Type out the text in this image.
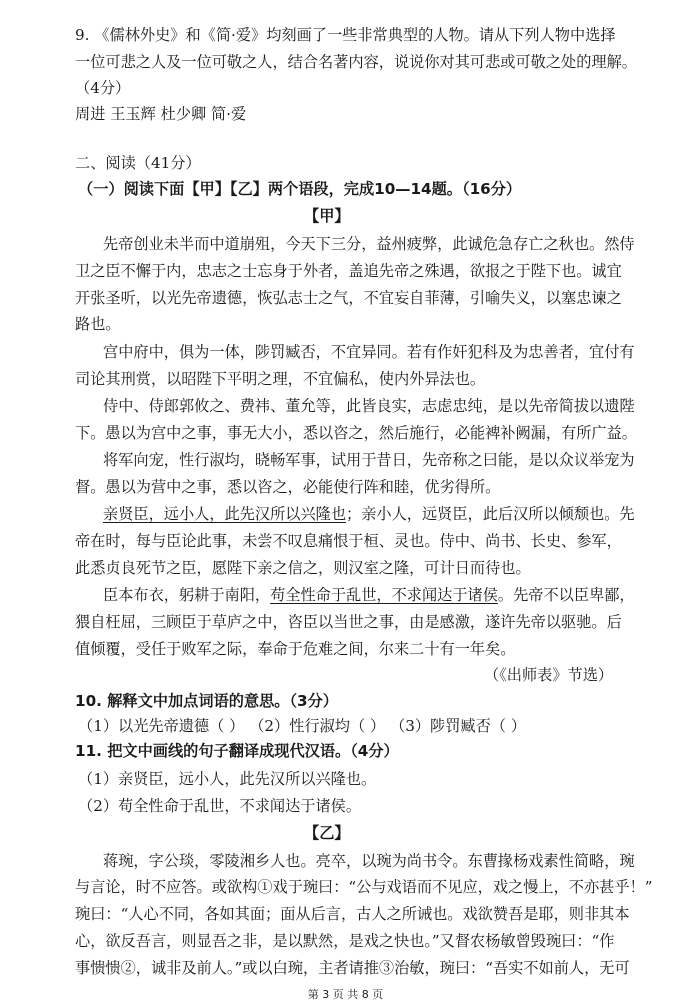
9. 《儒林外史》和《简·爱》均刻画了一些非常典型的人物。请从下列人物中选择
一位可悲之人及一位可敬之人，结合名著内容，说说你对其可悲或可敬之处的理解。
（4分）
周进 王玉辉 杜少卿 简·爱
二、阅读（41分）
（一）阅读下面【甲】【乙】两个语段，完成10—14题。（16分）
【甲】
先帝创业未半而中道崩殂，今天下三分，益州疲弊，此诚危急存亡之秋也。然侍
卫之臣不懈于内，忠志之士忘身于外者，盖追先帝之殊遇，欲报之于陛下也。诚宜
开张圣听，以光先帝遗德，恢弘志士之气，不宜妄自菲薄，引喻失义，以塞忠谏之
路也。
宫中府中，俱为一体，陟罚臧否，不宜异同。若有作奸犯科及为忠善者，宜付有
司论其刑赏，以昭陛下平明之理，不宜偏私，使内外异法也。
侍中、侍郎郭攸之、费祎、董允等，此皆良实，志虑忠纯，是以先帝简拔以遗陛
下。愚以为宫中之事，事无大小，悉以咨之，然后施行，必能裨补阙漏，有所广益。
将军向宠，性行淑均，晓畅军事，试用于昔日，先帝称之曰能，是以众议举宠为
督。愚以为营中之事，悉以咨之，必能使行阵和睦，优劣得所。
亲贤臣，远小人，此先汉所以兴隆也；亲小人，远贤臣，此后汉所以倾颓也。先
帝在时，每与臣论此事，未尝不叹息痛恨于桓、灵也。侍中、尚书、长史、参军，
此悉贞良死节之臣，愿陛下亲之信之，则汉室之隆，可计日而待也。
臣本布衣，躬耕于南阳，苟全性命于乱世，不求闻达于诸侯。先帝不以臣卑鄙，
猥自枉屈，三顾臣于草庐之中，咨臣以当世之事，由是感激，遂许先帝以驱驰。后
值倾覆，受任于败军之际，奉命于危难之间，尔来二十有一年矣。
（《出师表》节选）
10. 解释文中加点词语的意思。（3分）
（1）以光先帝遗德（ ） （2）性行淑均（ ） （3）陟罚臧否（ ）
11. 把文中画线的句子翻译成现代汉语。（4分）
（1）亲贤臣，远小人，此先汉所以兴隆也。
（2）苟全性命于乱世，不求闻达于诸侯。
【乙】
蒋琬，字公琰，零陵湘乡人也。亮卒，以琬为尚书令。东曹掾杨戏素性简略，琬
与言论，时不应答。或欲构①戏于琬曰：“公与戏语而不见应，戏之慢上，不亦甚乎！”
琬曰：“人心不同，各如其面；面从后言，古人之所诫也。戏欲赞吾是耶，则非其本
心，欲反吾言，则显吾之非，是以默然，是戏之快也。”又督农杨敏曾毁琬曰：“作
事愦愦②，诚非及前人。”或以白琬，主者请推③治敏，琬曰：“吾实不如前人，无可
第 3 页 共 8 页
